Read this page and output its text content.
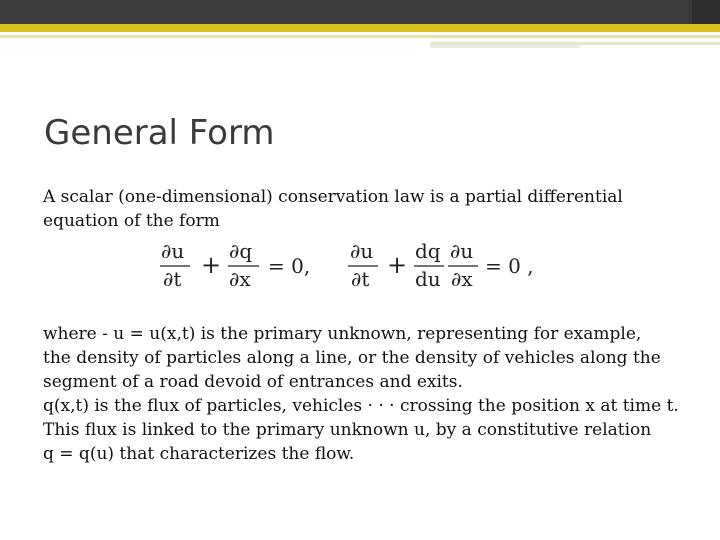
General Form

A scalar (one-dimensional) conservation law is a partial differential equation of the form

∂u
∂t + ∂q
∂x
= 0,
∂u
∂t + dq
du
∂u
∂x
= 0 ,
where - u = u(x,t) is the primary unknown, representing for example,
the density of particles along a line, or the density of vehicles along the
segment of a road devoid of entrances and exits.
q(x,t) is the flux of particles, vehicles · · · crossing the position x at time t.
This flux is linked to the primary unknown u, by a constitutive relation
q = q(u) that characterizes the flow.
